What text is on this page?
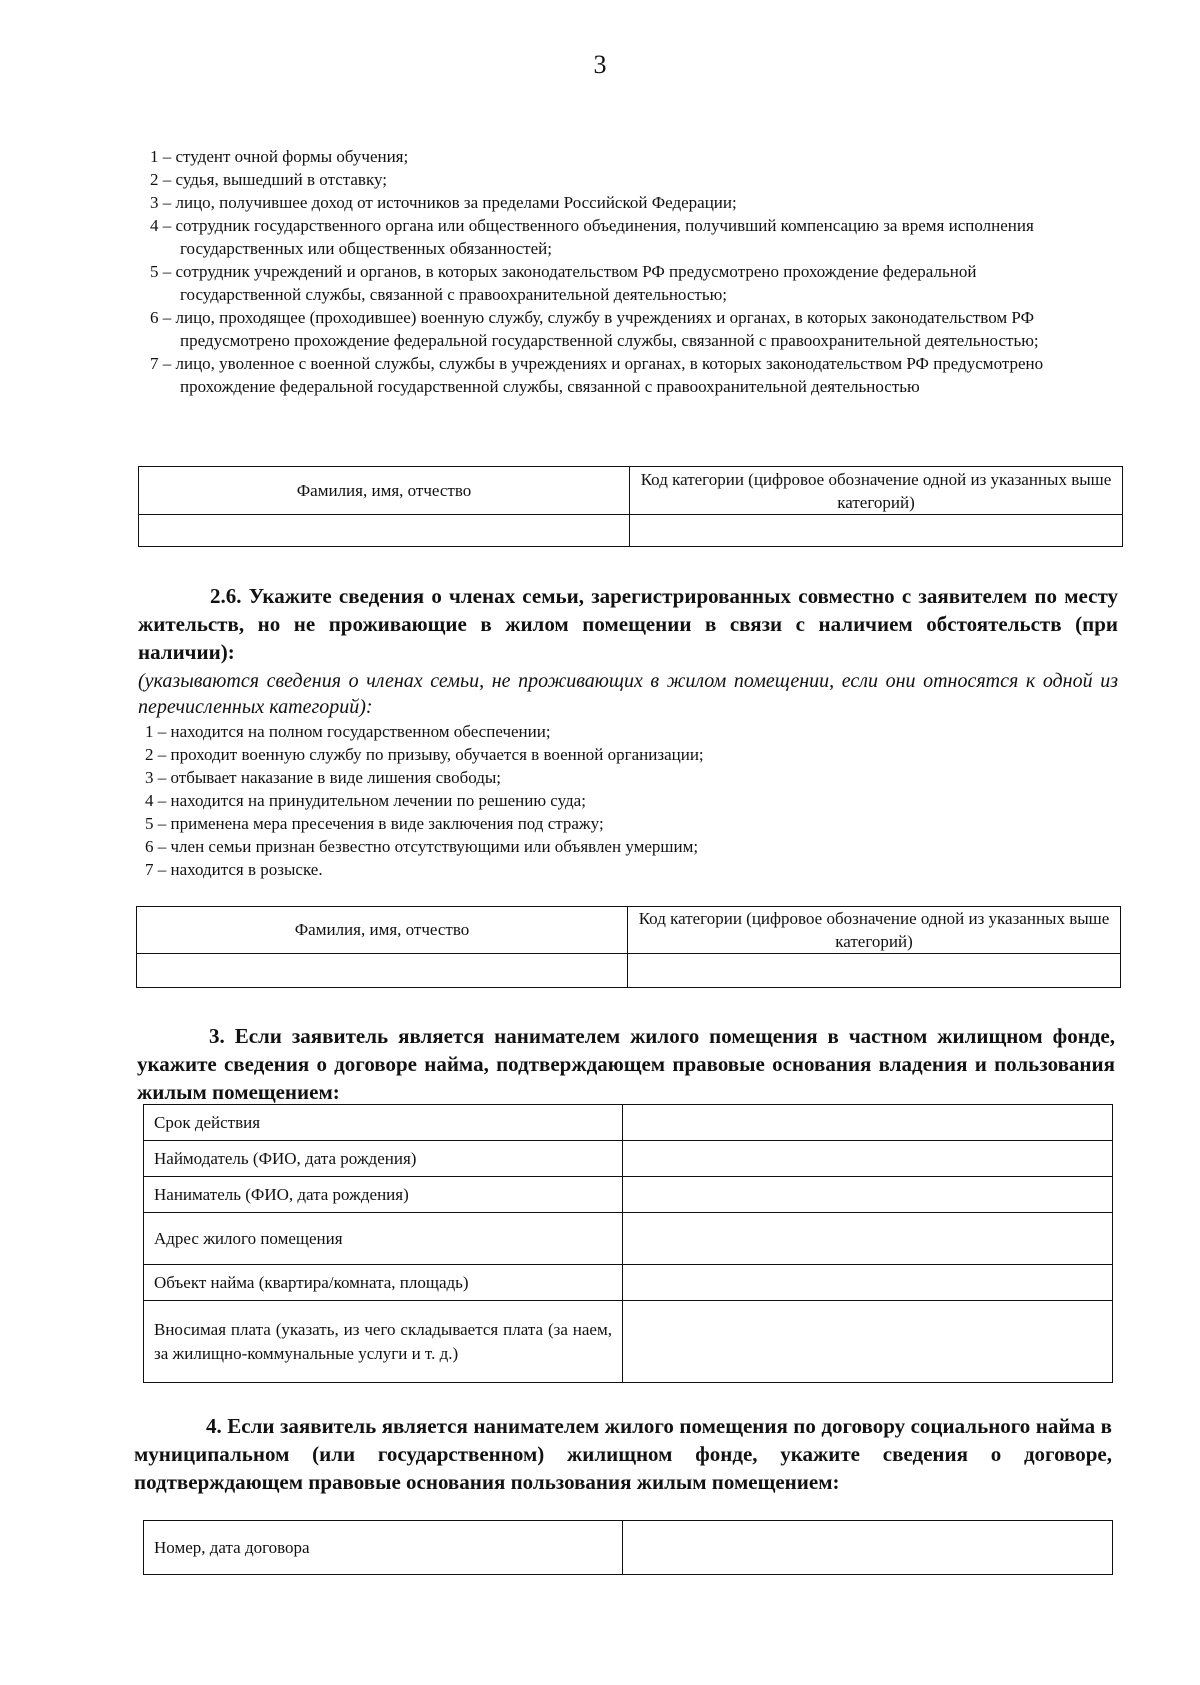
3
1 – студент очной формы обучения;
2 – судья, вышедший в отставку;
3 – лицо, получившее доход от источников за пределами Российской Федерации;
4 – сотрудник государственного органа или общественного объединения, получивший компенсацию за время исполнения государственных или общественных обязанностей;
5 – сотрудник учреждений и органов, в которых законодательством РФ предусмотрено прохождение федеральной государственной службы, связанной с правоохранительной деятельностью;
6 – лицо, проходящее (проходившее) военную службу, службу в учреждениях и органах, в которых законодательством РФ предусмотрено прохождение федеральной государственной службы, связанной с правоохранительной деятельностью;
7 – лицо, уволенное с военной службы, службы в учреждениях и органах, в которых законодательством РФ предусмотрено прохождение федеральной государственной службы, связанной с правоохранительной деятельностью
Фамилия, имя, отчество	Код категории (цифровое обозначение одной из указанных выше категорий)

2.6. Укажите сведения о членах семьи, зарегистрированных совместно с заявителем по месту жительств, но не проживающие в жилом помещении в связи с наличием обстоятельств (при наличии):

(указываются сведения о членах семьи, не проживающих в жилом помещении, если они относятся к одной из перечисленных категорий):

1 – находится на полном государственном обеспечении;
2 – проходит военную службу по призыву, обучается в военной организации;
3 – отбывает наказание в виде лишения свободы;
4 – находится на принудительном лечении по решению суда;
5 – применена мера пресечения в виде заключения под стражу;
6 – член семьи признан безвестно отсутствующими или объявлен умершим;
7 – находится в розыске.
Фамилия, имя, отчество	Код категории (цифровое обозначение одной из указанных выше категорий)

3. Если заявитель является нанимателем жилого помещения в частном жилищном фонде, укажите сведения о договоре найма, подтверждающем правовые основания владения и пользования жилым помещением:

Срок действия	
Наймодатель (ФИО, дата рождения)	
Наниматель (ФИО, дата рождения)	
Адрес жилого помещения	
Объект найма (квартира/комната, площадь)	
Вносимая плата (указать, из чего складывается плата (за наем, за жилищно-коммунальные услуги и т. д.)	

4. Если заявитель является нанимателем жилого помещения по договору социального найма в муниципальном (или государственном) жилищном фонде, укажите сведения о договоре, подтверждающем правовые основания пользования жилым помещением:

Номер, дата договора	
